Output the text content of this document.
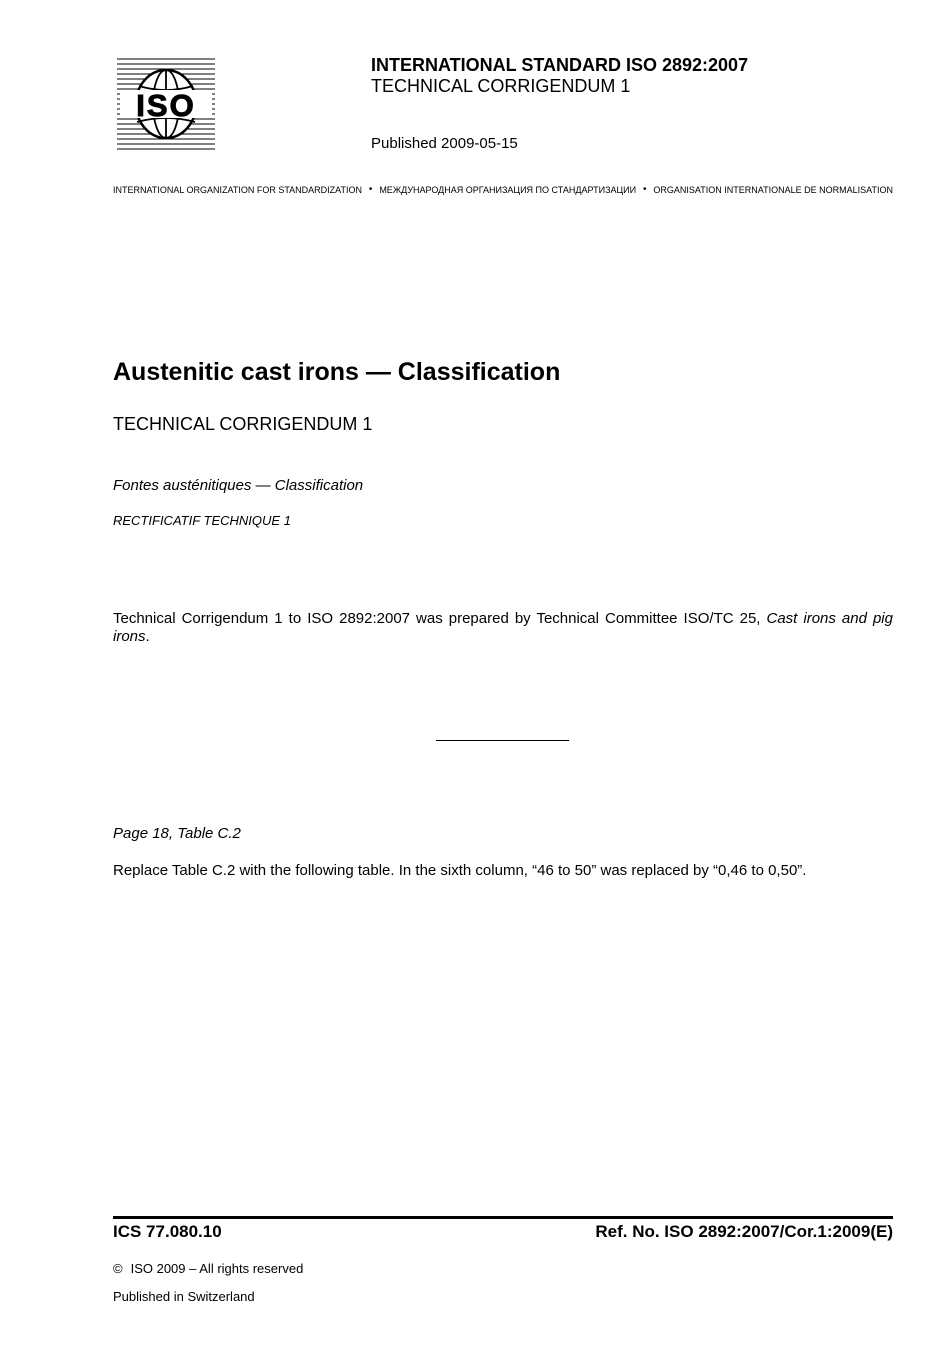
ISO
INTERNATIONAL STANDARD ISO 2892:2007
TECHNICAL CORRIGENDUM 1
Published 2009-05-15
INTERNATIONAL ORGANIZATION FOR STANDARDIZATION • МЕЖДУНАРОДНАЯ ОРГАНИЗАЦИЯ ПО СТАНДАРТИЗАЦИИ • ORGANISATION INTERNATIONALE DE NORMALISATION
Austenitic cast irons — Classification
TECHNICAL CORRIGENDUM 1
Fontes austénitiques — Classification
RECTIFICATIF TECHNIQUE 1
Technical Corrigendum 1 to ISO 2892:2007 was prepared by Technical Committee ISO/TC 25, Cast irons and pig irons.
Page 18, Table C.2
Replace Table C.2 with the following table. In the sixth column, “46 to 50” was replaced by “0,46 to 0,50”.
ICS 77.080.10	Ref. No. ISO 2892:2007/Cor.1:2009(E)
© ISO 2009 – All rights reserved
Published in Switzerland
